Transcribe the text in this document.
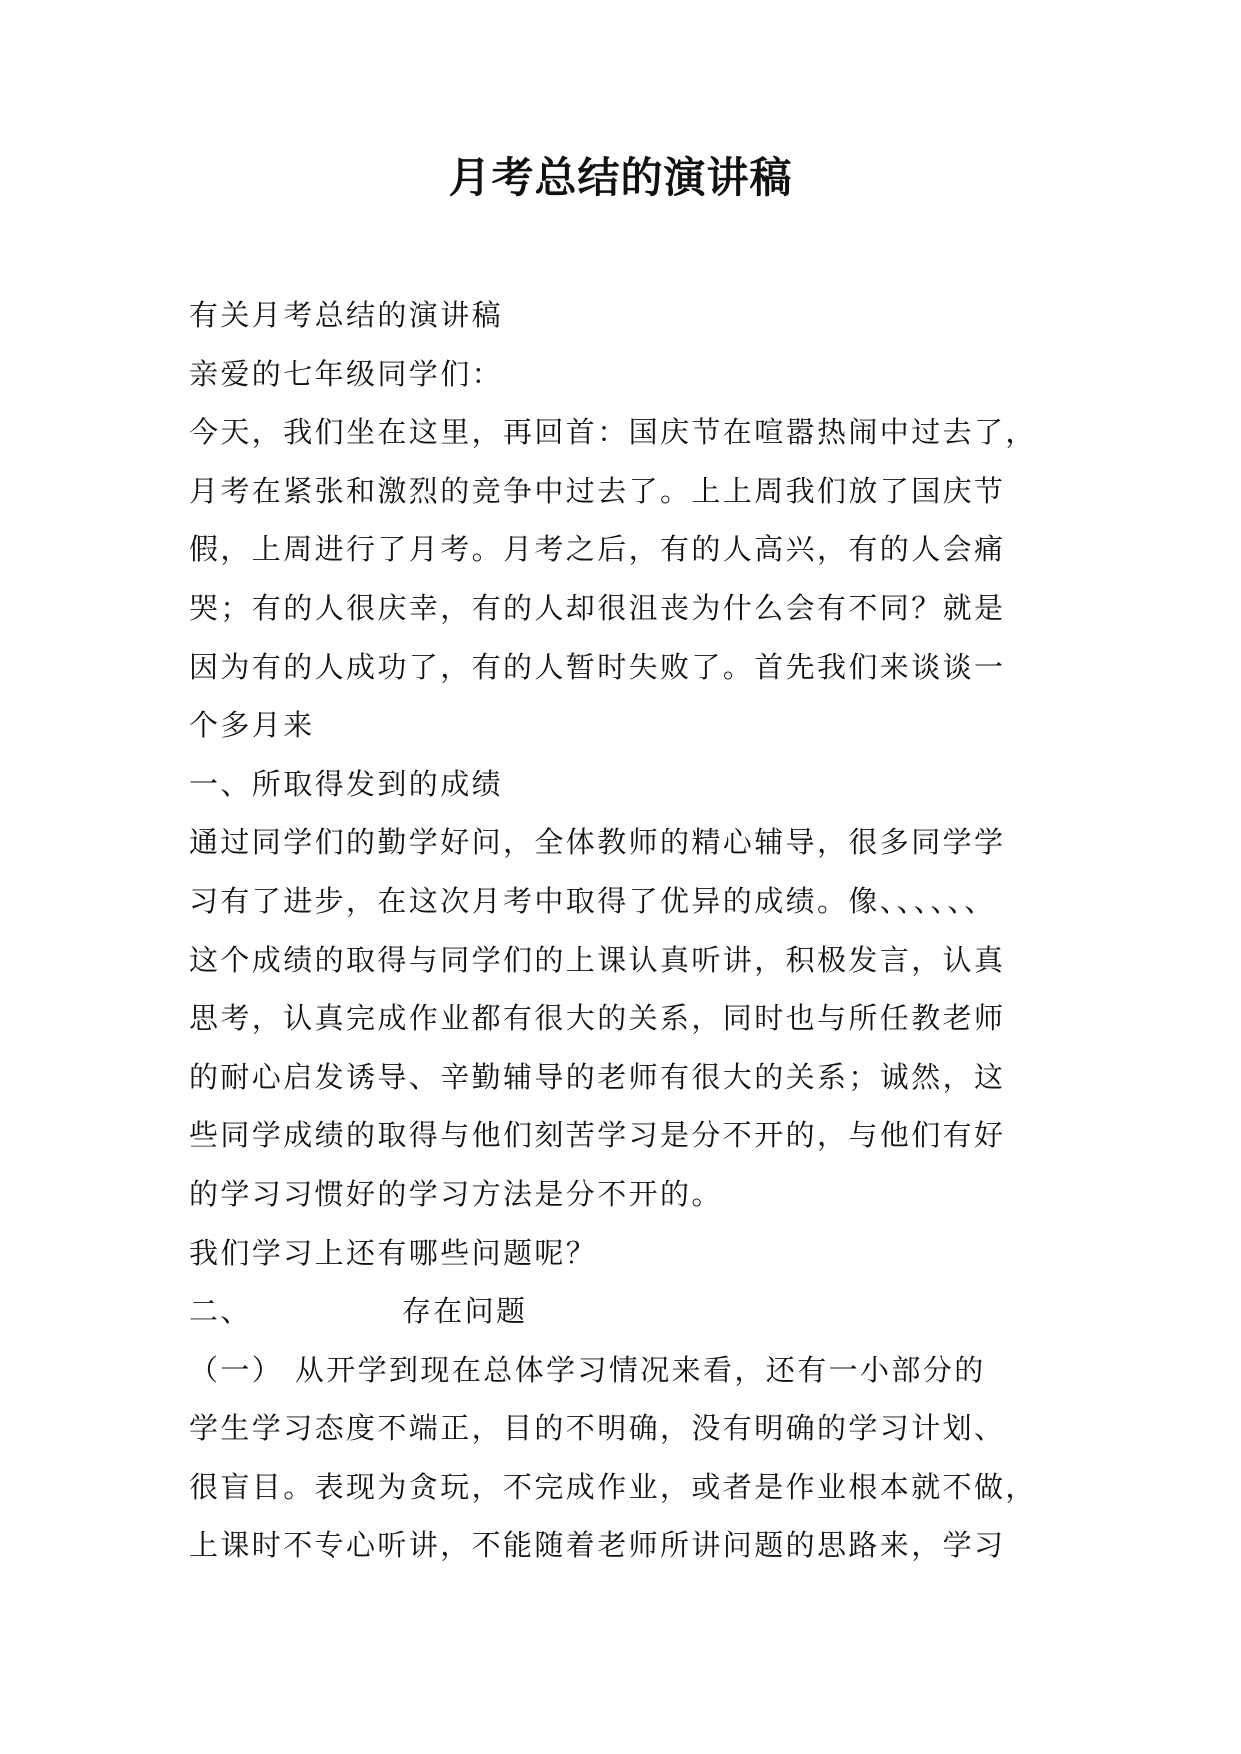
月考总结的演讲稿
有关月考总结的演讲稿
亲爱的七年级同学们：
今天，我们坐在这里，再回首：国庆节在喧嚣热闹中过去了，
月考在紧张和激烈的竞争中过去了。上上周我们放了国庆节
假，上周进行了月考。月考之后，有的人高兴，有的人会痛
哭；有的人很庆幸，有的人却很沮丧为什么会有不同？就是
因为有的人成功了，有的人暂时失败了。首先我们来谈谈一
个多月来
一、所取得发到的成绩
通过同学们的勤学好问，全体教师的精心辅导，很多同学学
习有了进步，在这次月考中取得了优异的成绩。像、、、、、、
这个成绩的取得与同学们的上课认真听讲，积极发言，认真
思考，认真完成作业都有很大的关系，同时也与所任教老师
的耐心启发诱导、辛勤辅导的老师有很大的关系；诚然，这
些同学成绩的取得与他们刻苦学习是分不开的，与他们有好
的学习习惯好的学习方法是分不开的。
我们学习上还有哪些问题呢？
二、	存在问题
（一） 从开学到现在总体学习情况来看，还有一小部分的
学生学习态度不端正，目的不明确，没有明确的学习计划、
很盲目。表现为贪玩，不完成作业，或者是作业根本就不做，
上课时不专心听讲，不能随着老师所讲问题的思路来，学习
